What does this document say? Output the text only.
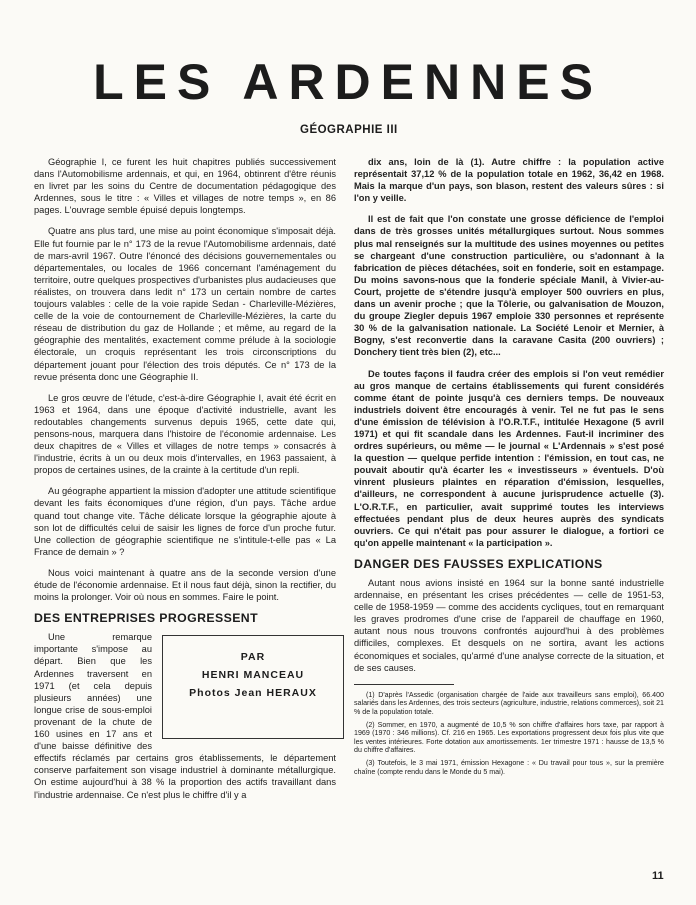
LES ARDENNES
GÉOGRAPHIE III

Géographie I, ce furent les huit chapitres publiés successivement dans l'Automobilisme ardennais, et qui, en 1964, obtinrent d'être réunis en livret par les soins du Centre de documentation pédagogique des Ardennes, sous le titre : « Villes et villages de notre temps », en 86 pages. L'ouvrage semble épuisé depuis longtemps.

Quatre ans plus tard, une mise au point économique s'imposait déjà. Elle fut fournie par le n° 173 de la revue l'Automobilisme ardennais, daté de mars-avril 1967. Outre l'énoncé des décisions gouvernementales ou départementales, ou locales de 1966 concernant l'aménagement du territoire, outre quelques prospectives d'urbanistes plus audacieuses que réalistes, on trouvera dans ledit n° 173 un certain nombre de cartes toujours valables : celle de la voie rapide Sedan - Charleville-Mézières, celle de la voie de contournement de Charleville-Mézières, la carte du réseau de distribution du gaz de Hollande ; et même, au regard de la géographie des mentalités, exactement comme prélude à la sociologie électorale, un croquis représentant les trois circonscriptions du département jouant pour l'élection des trois députés. Ce n° 173 de la revue présenta donc une Géographie II.

Le gros œuvre de l'étude, c'est-à-dire Géographie I, avait été écrit en 1963 et 1964, dans une époque d'activité industrielle, avant les redoutables changements survenus depuis 1965, cette date qui, pensons-nous, marquera dans l'histoire de l'économie ardennaise. Les deux chapitres de « Villes et villages de notre temps » consacrés à l'industrie, écrits à un ou deux mois d'intervalles, en 1963 passaient, à propos de certaines usines, de la crainte à la certitude d'un repli.

Au géographe appartient la mission d'adopter une attitude scientifique devant les faits économiques d'une région, d'un pays. Tâche ardue quand tout change vite. Tâche délicate lorsque la géographie ajoute à son lot de difficultés celui de saisir les lignes de force d'un proche futur. Une collection de géographie scientifique ne s'intitule-t-elle pas « La France de demain » ?

Nous voici maintenant à quatre ans de la seconde version d'une étude de l'économie ardennaise. Et il nous faut déjà, sinon la rectifier, du moins la prolonger. Voir où nous en sommes. Faire le point.

DES ENTREPRISES PROGRESSENT
PAR
HENRI MANCEAU
Photos Jean HERAUX

Une remarque importante s'impose au départ. Bien que les Ardennes traversent en 1971 (et cela depuis plusieurs années) une longue crise de sous-emploi provenant de la chute de 160 usines en 17 ans et d'une baisse définitive des effectifs réclamés par certains gros établissements, le département conserve parfaitement son visage industriel à dominante métallurgique. On estime aujourd'hui à 38 % la proportion des actifs travaillant dans l'industrie ardennaise. Ce n'est plus le chiffre d'il y a

dix ans, loin de là (1). Autre chiffre : la population active représentait 37,12 % de la population totale en 1962, 36,42 en 1968. Mais la marque d'un pays, son blason, restent des valeurs sûres : si l'on y veille.

Il est de fait que l'on constate une grosse déficience de l'emploi dans de très grosses unités métallurgiques surtout. Nous sommes plus mal renseignés sur la multitude des usines moyennes ou petites se chargeant d'une construction particulière, ou s'adonnant à la fabrication de pièces détachées, soit en fonderie, soit en estampage. Du moins savons-nous que la fonderie spéciale Manil, à Vivier-au-Court, projette de s'étendre jusqu'à employer 500 ouvriers en plus, dans un avenir proche ; que la Tôlerie, ou galvanisation de Mouzon, du groupe Ziegler depuis 1967 emploie 330 personnes et représente 30 % de la galvanisation nationale. La Société Lenoir et Mernier, à Bogny, s'est reconvertie dans la caravane Casita (200 ouvriers) ; Donchery tient très bien (2), etc...

De toutes façons il faudra créer des emplois si l'on veut remédier au gros manque de certains établissements qui furent considérés comme étant de pointe jusqu'à ces derniers temps. De nouveaux industriels doivent être encouragés à venir. Tel ne fut pas le sens d'une émission de télévision à l'O.R.T.F., intitulée Hexagone (5 avril 1971) et qui fit scandale dans les Ardennes. Faut-il incriminer des ordres supérieurs, ou même — le journal « L'Ardennais » s'est posé la question — quelque perfide intention : l'émission, en tout cas, ne pouvait aboutir qu'à écarter les « investisseurs » éventuels. D'où vinrent plusieurs plaintes en réparation d'émission, lesquelles, d'ailleurs, ne correspondent à aucune jurisprudence actuelle (3). L'O.R.T.F., en particulier, avait supprimé toutes les interviews effectuées pendant plus de deux heures auprès des syndicats ouvriers. Ce qui n'était pas pour assurer le dialogue, a fortiori ce qu'on appelle maintenant « la participation ».

DANGER DES FAUSSES EXPLICATIONS

Autant nous avions insisté en 1964 sur la bonne santé industrielle ardennaise, en présentant les crises précédentes — celle de 1951-53, celle de 1958-1959 — comme des accidents cycliques, tout en remarquant les graves prodromes d'une crise de l'appareil de chauffage en 1960, autant nous nous trouvons confrontés aujourd'hui à des problèmes difficiles, complexes. Et desquels on ne sortira, avant les actions économiques et sociales, qu'armé d'une analyse correcte de la situation, et de ses causes.

(1) D'après l'Assedic (organisation chargée de l'aide aux travailleurs sans emploi), 66.400 salariés dans les Ardennes, des trois secteurs (agriculture, industrie, relations commerces), soit 21 % de la population totale.
(2) Sommer, en 1970, a augmenté de 10,5 % son chiffre d'affaires hors taxe, par rapport à 1969 (1970 : 346 millions). Cf. 216 en 1965. Les exportations progressent deux fois plus vite que les ventes intérieures. Forte dotation aux amortissements. 1er trimestre 1971 : hausse de 13,5 % du chiffre d'affaires.
(3) Toutefois, le 3 mai 1971, émission Hexagone : « Du travail pour tous », sur la première chaîne (compte rendu dans le Monde du 5 mai).
11
